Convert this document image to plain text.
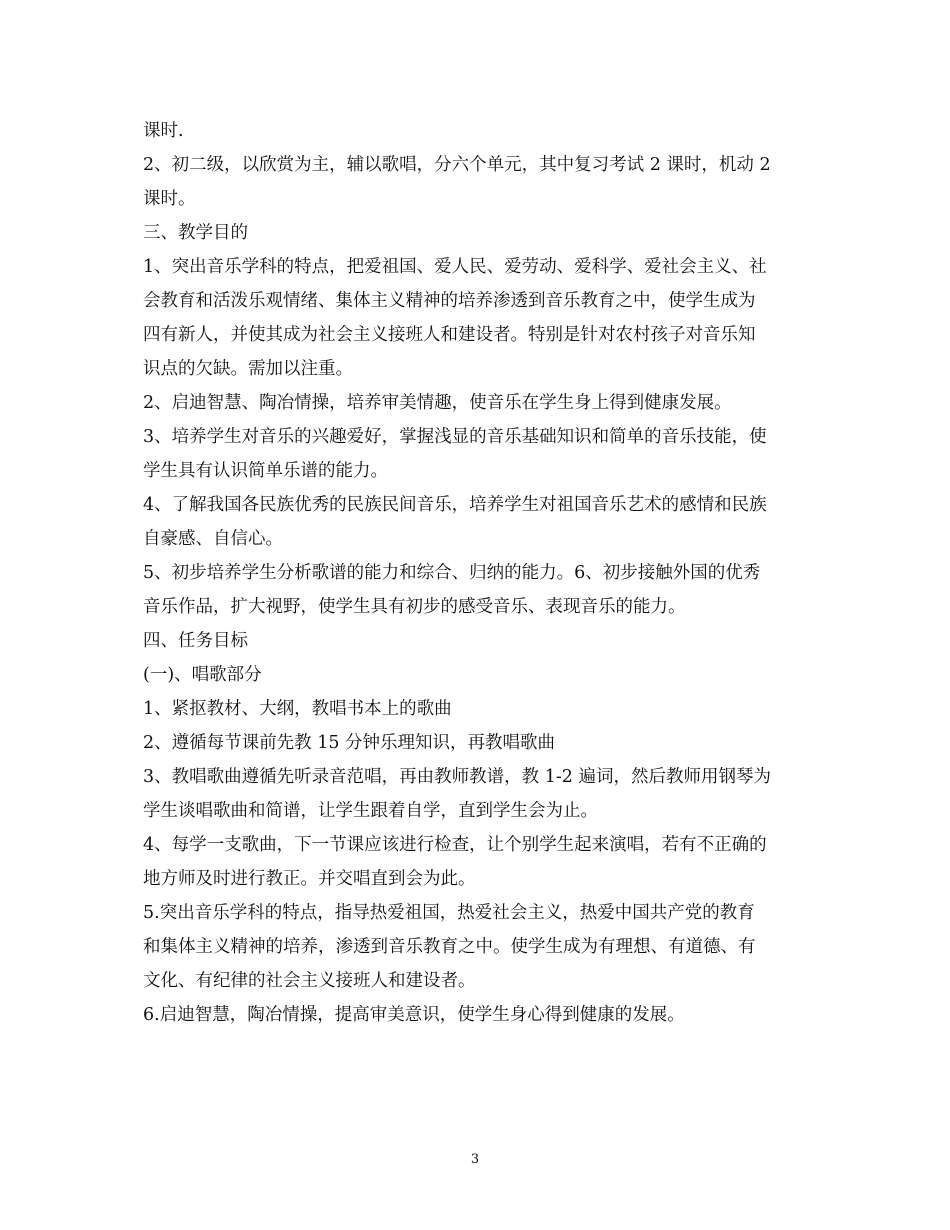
课时.
2、初二级，以欣赏为主，辅以歌唱，分六个单元，其中复习考试 2 课时，机动 2
课时。
三、教学目的
1、突出音乐学科的特点，把爱祖国、爱人民、爱劳动、爱科学、爱社会主义、社
会教育和活泼乐观情绪、集体主义精神的培养渗透到音乐教育之中，使学生成为
四有新人，并使其成为社会主义接班人和建设者。特别是针对农村孩子对音乐知
识点的欠缺。需加以注重。
2、启迪智慧、陶冶情操，培养审美情趣，使音乐在学生身上得到健康发展。
3、培养学生对音乐的兴趣爱好，掌握浅显的音乐基础知识和简单的音乐技能，使
学生具有认识简单乐谱的能力。
4、了解我国各民族优秀的民族民间音乐，培养学生对祖国音乐艺术的感情和民族
自豪感、自信心。
5、初步培养学生分析歌谱的能力和综合、归纳的能力。6、初步接触外国的优秀
音乐作品，扩大视野，使学生具有初步的感受音乐、表现音乐的能力。
四、任务目标
(一)、唱歌部分
1、紧抠教材、大纲，教唱书本上的歌曲
2、遵循每节课前先教 15 分钟乐理知识，再教唱歌曲
3、教唱歌曲遵循先听录音范唱，再由教师教谱，教 1-2 遍词，然后教师用钢琴为
学生谈唱歌曲和简谱，让学生跟着自学，直到学生会为止。
4、每学一支歌曲，下一节课应该进行检查，让个别学生起来演唱，若有不正确的
地方师及时进行教正。并交唱直到会为此。
5.突出音乐学科的特点，指导热爱祖国，热爱社会主义，热爱中国共产党的教育
和集体主义精神的培养，渗透到音乐教育之中。使学生成为有理想、有道德、有
文化、有纪律的社会主义接班人和建设者。
6.启迪智慧，陶冶情操，提高审美意识，使学生身心得到健康的发展。
3
